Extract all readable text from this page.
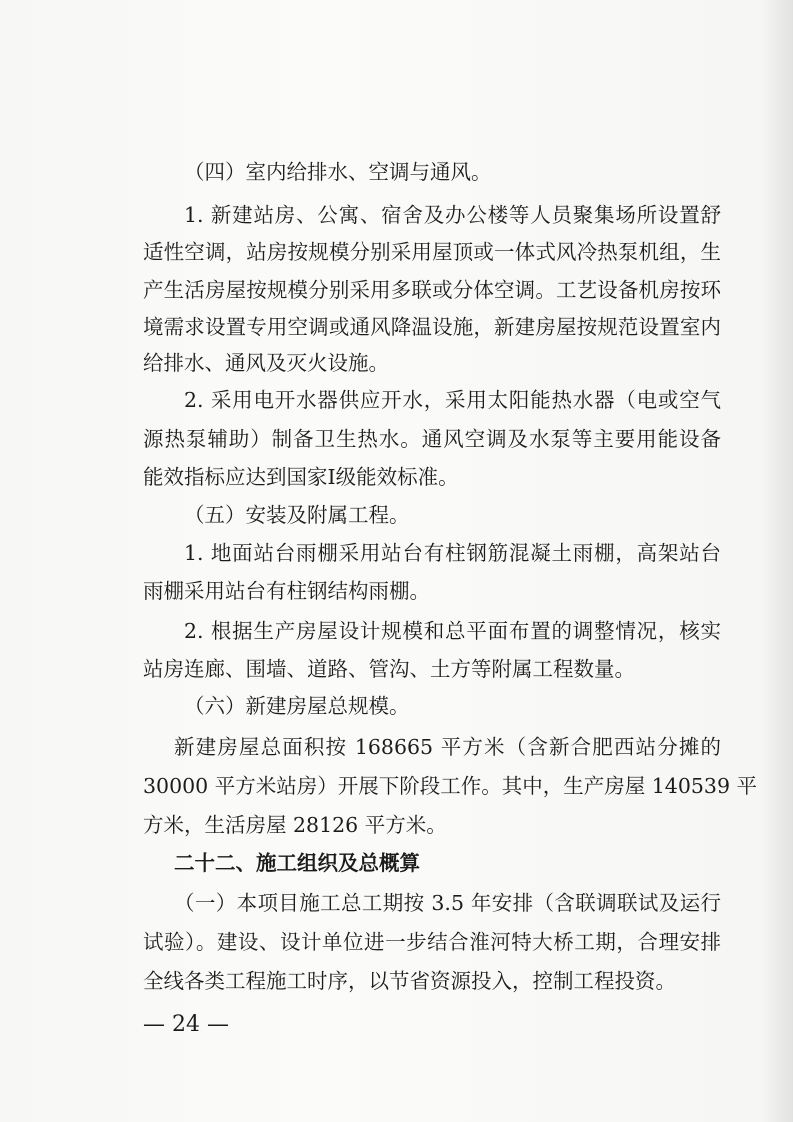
（四）室内给排水、空调与通风。
1. 新建站房、公寓、宿舍及办公楼等人员聚集场所设置舒
适性空调，站房按规模分别采用屋顶或一体式风冷热泵机组，生
产生活房屋按规模分别采用多联或分体空调。工艺设备机房按环
境需求设置专用空调或通风降温设施，新建房屋按规范设置室内
给排水、通风及灭火设施。
2. 采用电开水器供应开水，采用太阳能热水器（电或空气
源热泵辅助）制备卫生热水。通风空调及水泵等主要用能设备
能效指标应达到国家Ⅰ级能效标准。
（五）安装及附属工程。
1. 地面站台雨棚采用站台有柱钢筋混凝土雨棚，高架站台
雨棚采用站台有柱钢结构雨棚。
2. 根据生产房屋设计规模和总平面布置的调整情况，核实
站房连廊、围墙、道路、管沟、土方等附属工程数量。
（六）新建房屋总规模。
新建房屋总面积按 168665 平方米（含新合肥西站分摊的
30000 平方米站房）开展下阶段工作。其中，生产房屋 140539 平
方米，生活房屋 28126 平方米。
二十二、施工组织及总概算
（一）本项目施工总工期按 3.5 年安排（含联调联试及运行
试验）。建设、设计单位进一步结合淮河特大桥工期，合理安排
全线各类工程施工时序，以节省资源投入，控制工程投资。
— 24 —
